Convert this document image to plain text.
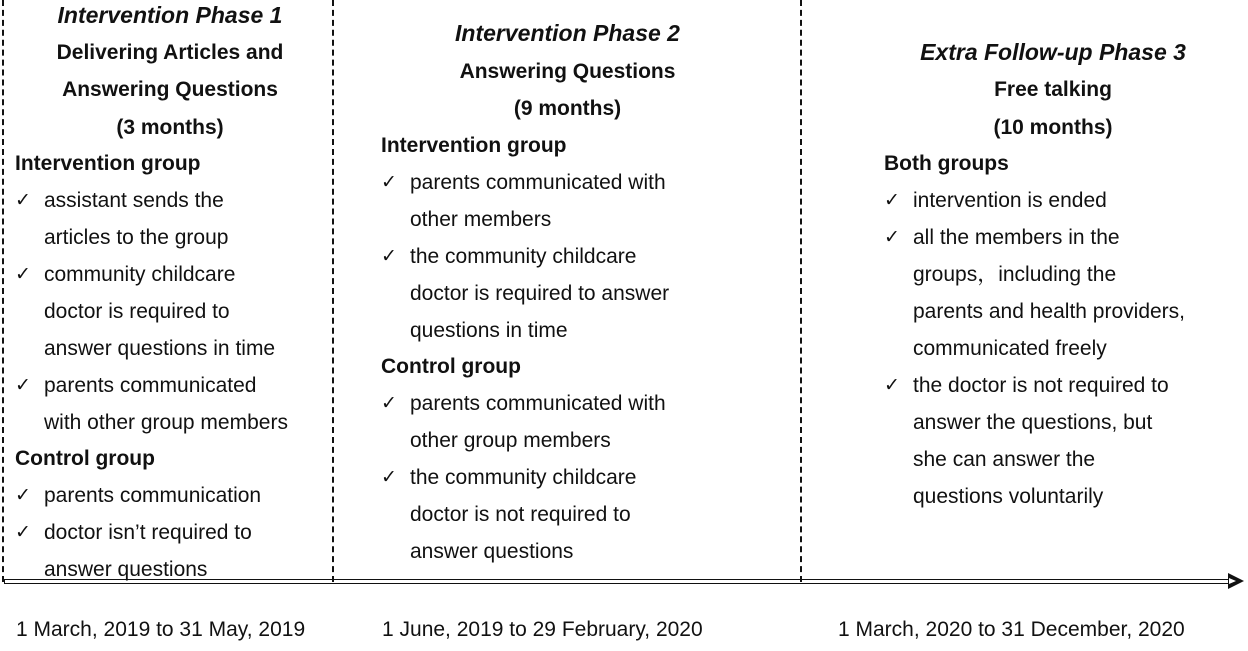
Intervention Phase 1
Delivering Articles and
Answering Questions
(3 months)
Intervention group
✓ assistant sends the
articles to the group
✓ community childcare
doctor is required to
answer questions in time
✓ parents communicated
with other group members
Control group
✓ parents communication
✓ doctor isn’t required to
answer questions
Intervention Phase 2
Answering Questions
(9 months)
Intervention group
✓ parents communicated with
other members
✓ the community childcare
doctor is required to answer
questions in time
Control group
✓ parents communicated with
other group members
✓ the community childcare
doctor is not required to
answer questions
Extra Follow-up Phase 3
Free talking
(10 months)
Both groups
✓ intervention is ended
✓ all the members in the
groups，including the
parents and health providers,
communicated freely
✓ the doctor is not required to
answer the questions, but
she can answer the
questions voluntarily
1 March, 2019 to 31 May, 2019	1 June, 2019 to 29 February, 2020	1 March, 2020 to 31 December, 2020
